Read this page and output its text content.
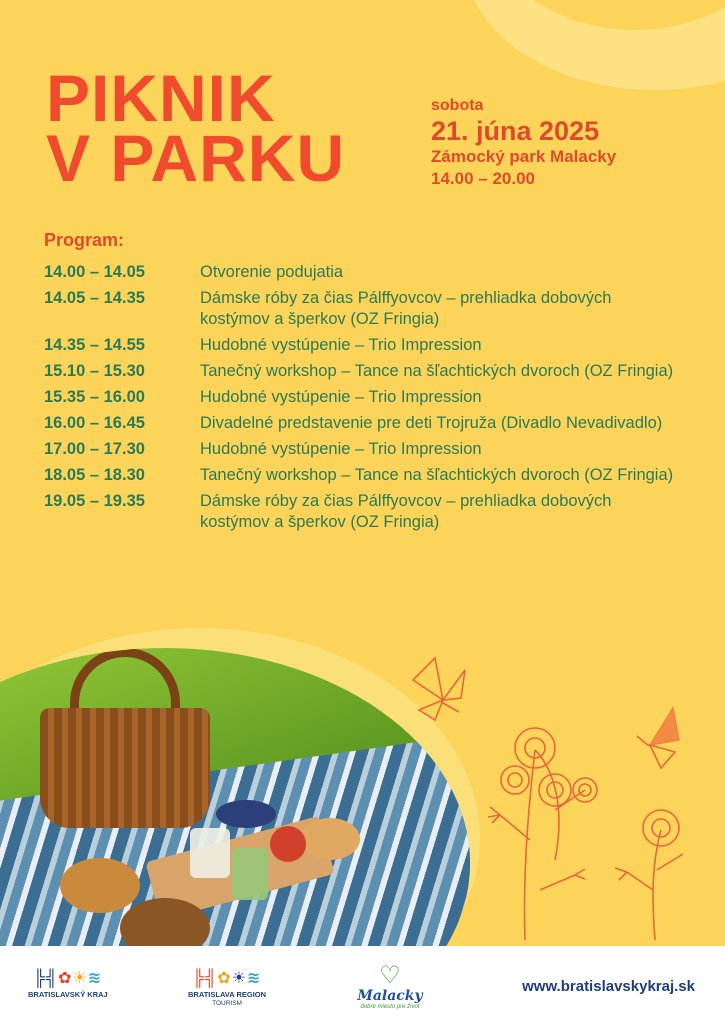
PIKNIK
V PARKU
sobota
21. júna 2025
Zámocký park Malacky
14.00 – 20.00
Program:
14.00 – 14.05	Otvorenie podujatia
14.05 – 14.35	Dámske róby za čias Pálffyovcov – prehliadka dobových kostýmov a šperkov (OZ Fringia)
14.35 – 14.55	Hudobné vystúpenie – Trio Impression
15.10 – 15.30	Tanečný workshop – Tance na šľachtických dvoroch (OZ Fringia)
15.35 – 16.00	Hudobné vystúpenie – Trio Impression
16.00 – 16.45	Divadelné predstavenie pre deti Trojruža (Divadlo Nevadivadlo)
17.00 – 17.30	Hudobné vystúpenie – Trio Impression
18.05 – 18.30	Tanečný workshop – Tance na šľachtických dvoroch (OZ Fringia)
19.05 – 19.35	Dámske róby za čias Pálffyovcov – prehliadka dobových kostýmov a šperkov (OZ Fringia)
╠╣✿☀≋
BRATISLAVSKÝ KRAJ
╠╣✿☀≋
BRATISLAVA REGION
TOURISM
♡
Malacky
dobré miesto pre život
www.bratislavskykraj.sk
